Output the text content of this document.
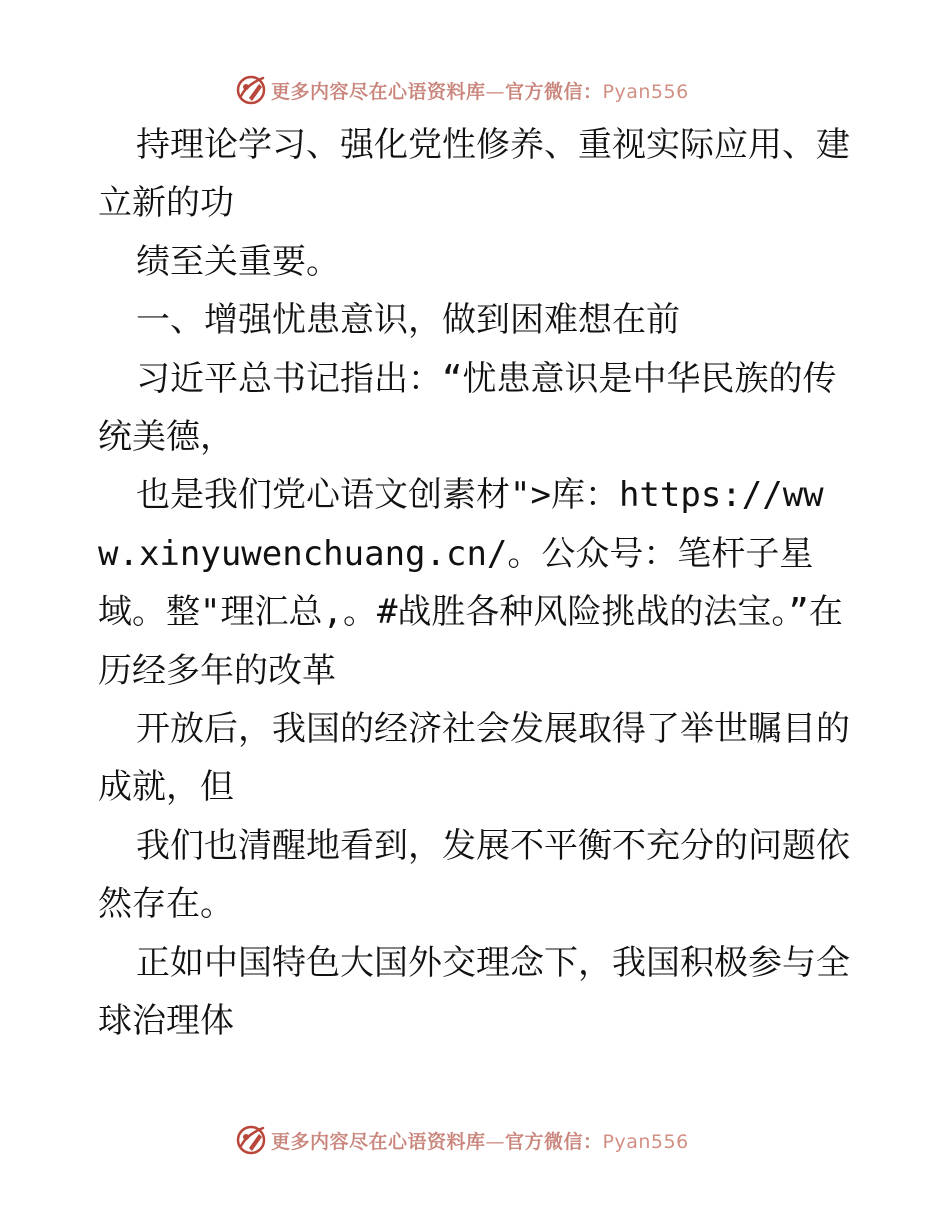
更多内容尽在心语资料库—官方微信：Pyan556

持理论学习、强化党性修养、重视实际应用、建立新的功

绩至关重要。

一、增强忧患意识，做到困难想在前

习近平总书记指出：“忧患意识是中华民族的传统美德，

也是我们党心语文创素材">库：https://www.xinyuwenchuang.cn/。公众号：笔杆子星域。整"理汇总,。#战胜各种风险挑战的法宝。”在历经多年的改革

开放后，我国的经济社会发展取得了举世瞩目的成就，但

我们也清醒地看到，发展不平衡不充分的问题依然存在。

正如中国特色大国外交理念下，我国积极参与全球治理体

更多内容尽在心语资料库—官方微信：Pyan556
